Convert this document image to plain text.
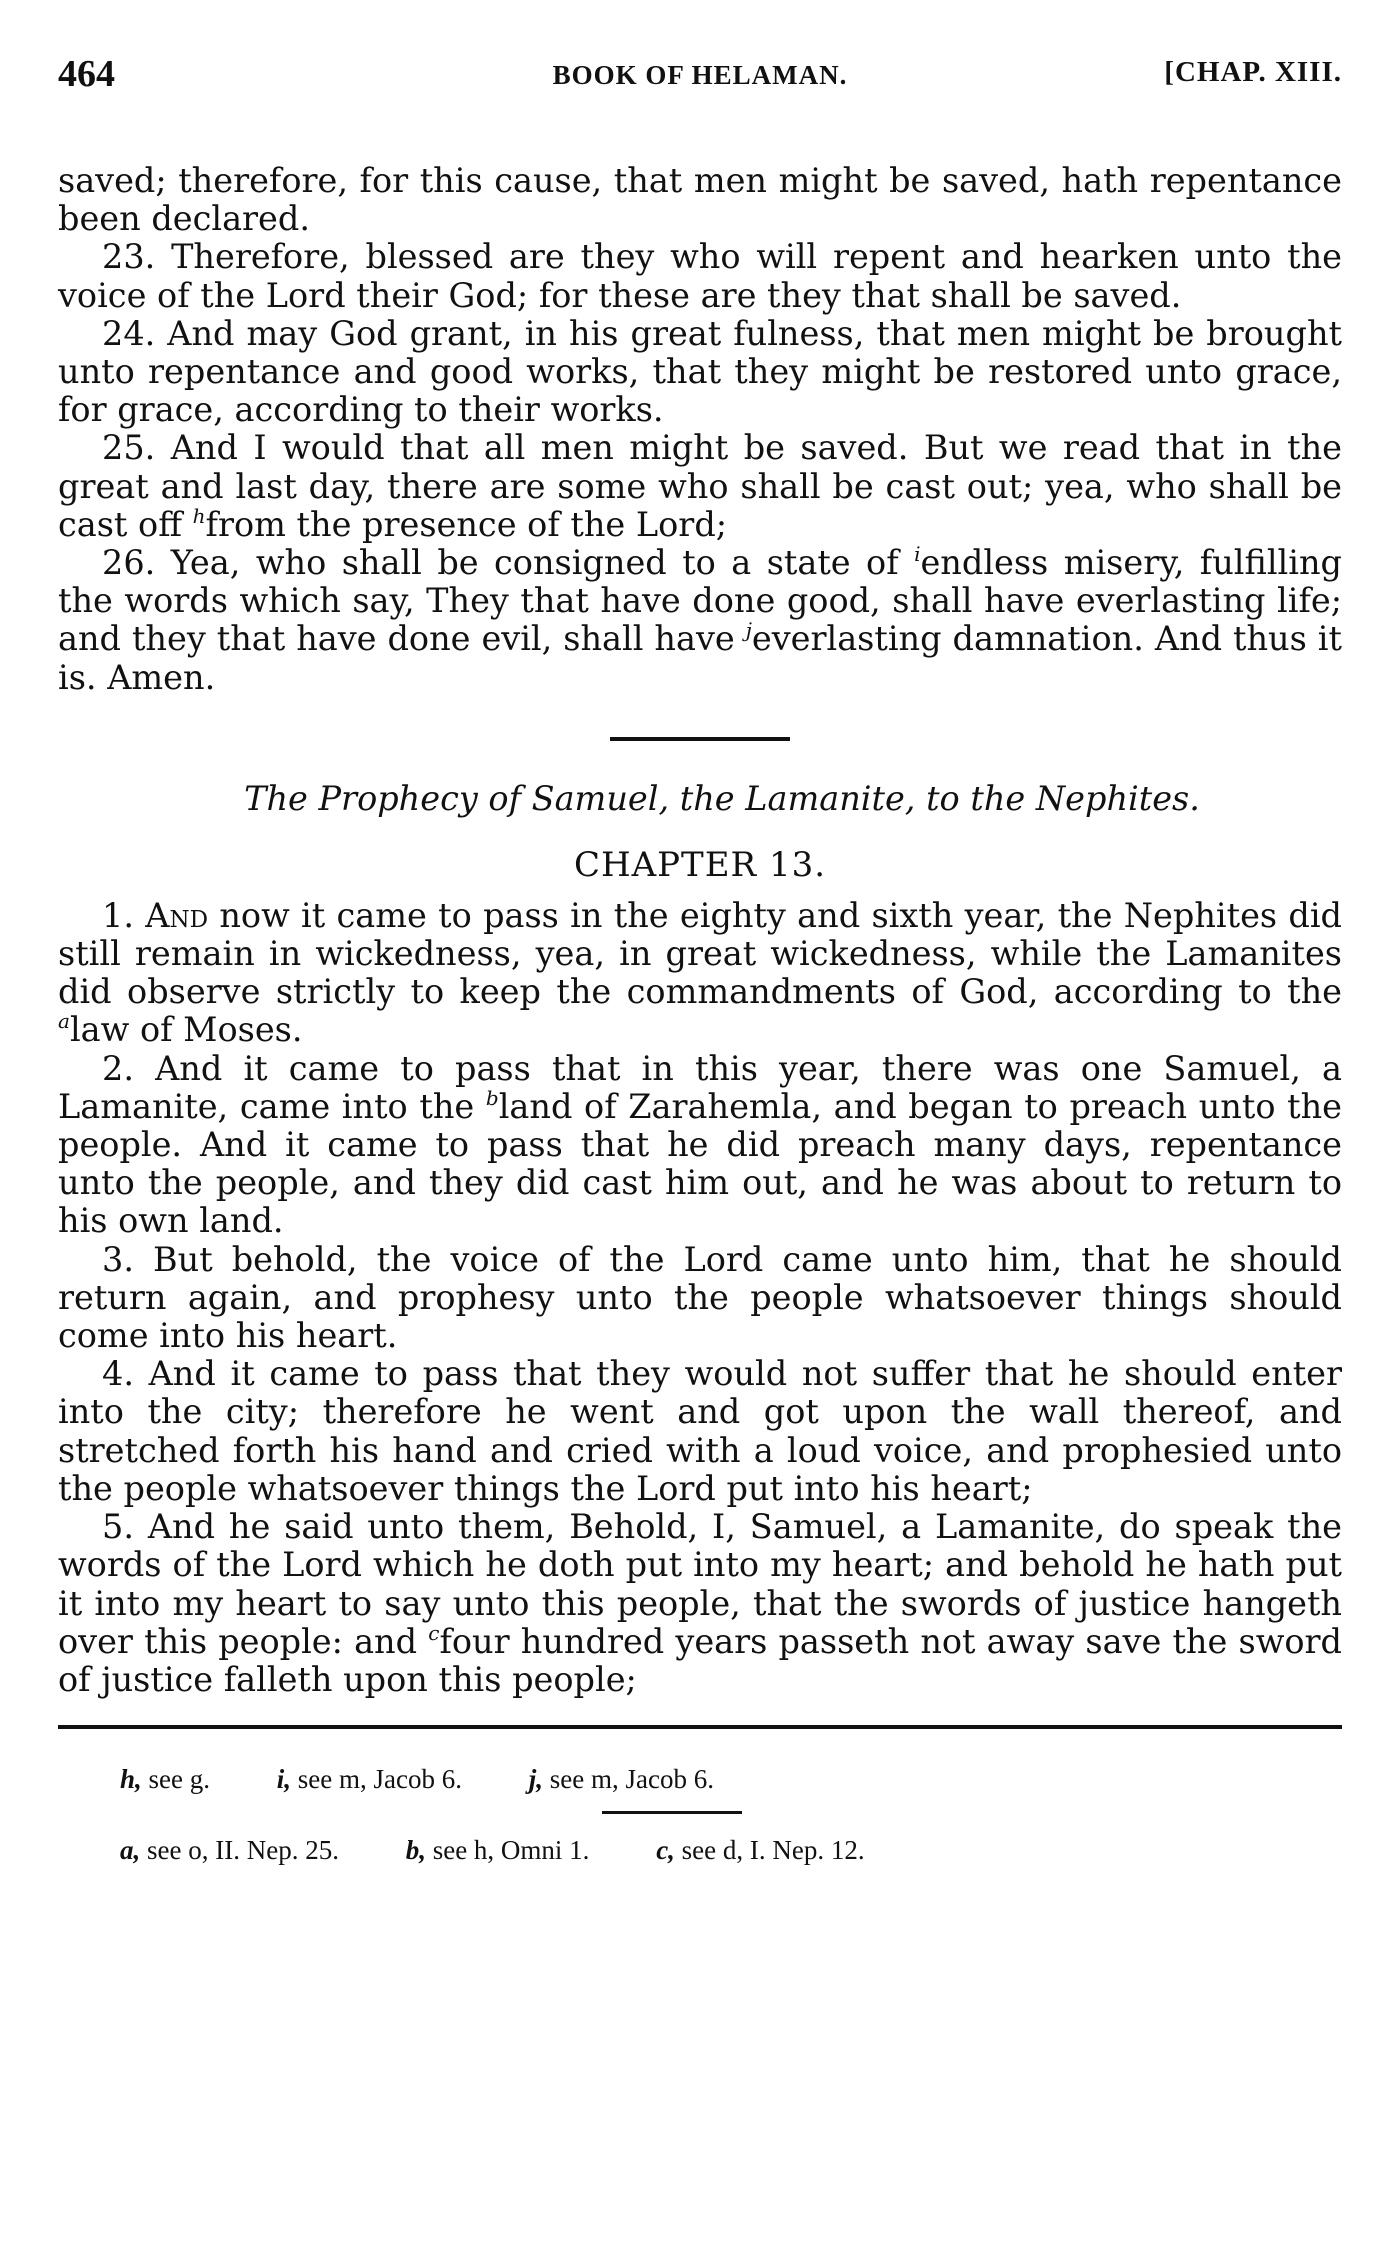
464	BOOK OF HELAMAN.	[CHAP. XIII.

saved; therefore, for this cause, that men might be saved, hath repentance been declared.

23. Therefore, blessed are they who will repent and hearken unto the voice of the Lord their God; for these are they that shall be saved.

24. And may God grant, in his great fulness, that men might be brought unto repentance and good works, that they might be restored unto grace, for grace, according to their works.

25. And I would that all men might be saved. But we read that in the great and last day, there are some who shall be cast out; yea, who shall be cast off $^h$from the presence of the Lord;

26. Yea, who shall be consigned to a state of $^i$endless misery, fulfilling the words which say, They that have done good, shall have everlasting life; and they that have done evil, shall have $^j$everlasting damnation. And thus it is. Amen.

The Prophecy of Samuel, the Lamanite, to the Nephites.
CHAPTER 13.

1. And now it came to pass in the eighty and sixth year, the Nephites did still remain in wickedness, yea, in great wickedness, while the Lamanites did observe strictly to keep the commandments of God, according to the $^a$law of Moses.

2. And it came to pass that in this year, there was one Samuel, a Lamanite, came into the $^b$land of Zarahemla, and began to preach unto the people. And it came to pass that he did preach many days, repentance unto the people, and they did cast him out, and he was about to return to his own land.

3. But behold, the voice of the Lord came unto him, that he should return again, and prophesy unto the people whatsoever things should come into his heart.

4. And it came to pass that they would not suffer that he should enter into the city; therefore he went and got upon the wall thereof, and stretched forth his hand and cried with a loud voice, and prophesied unto the people whatsoever things the Lord put into his heart;

5. And he said unto them, Behold, I, Samuel, a Lamanite, do speak the words of the Lord which he doth put into my heart; and behold he hath put it into my heart to say unto this people, that the swords of justice hangeth over this people: and $^c$four hundred years passeth not away save the sword of justice falleth upon this people;

h, see g. i, see m, Jacob 6. j, see m, Jacob 6.
a, see o, II. Nep. 25. b, see h, Omni 1. c, see d, I. Nep. 12.
